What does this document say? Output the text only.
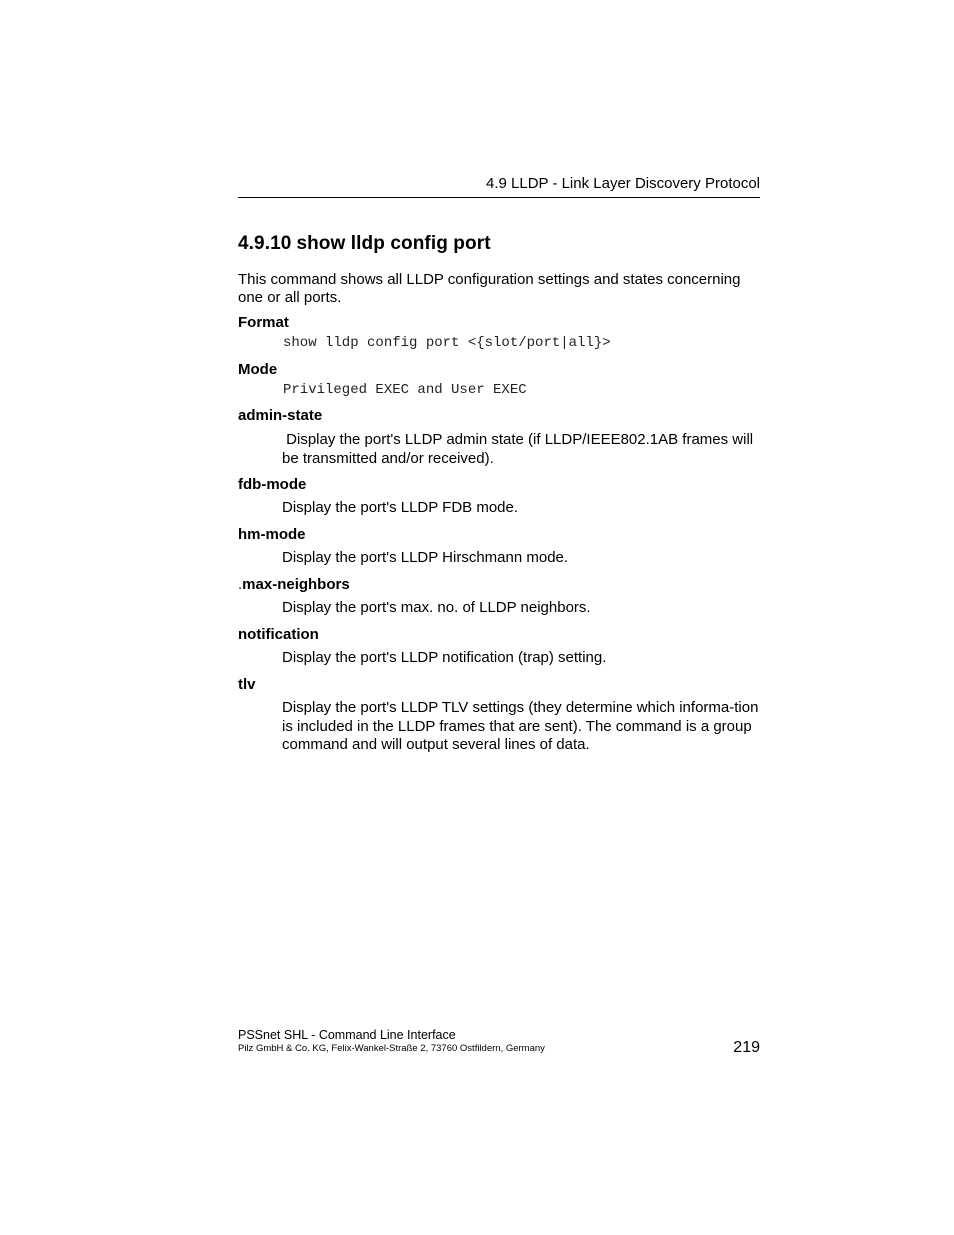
4.9 LLDP - Link Layer Discovery Protocol
4.9.10 show lldp config port
This command shows all LLDP configuration settings and states concerning one or all ports.
Format
show lldp config port <{slot/port|all}>
Mode
Privileged EXEC and User EXEC
admin-state
Display the port's LLDP admin state (if LLDP/IEEE802.1AB frames will be transmitted and/or received).
fdb-mode
Display the port's LLDP FDB mode.
hm-mode
Display the port's LLDP Hirschmann mode.
.max-neighbors
Display the port's max. no. of LLDP neighbors.
notification
Display the port's LLDP notification (trap) setting.
tlv
Display the port's LLDP TLV settings (they determine which informa-tion is included in the LLDP frames that are sent). The command is a group command and will output several lines of data.
PSSnet SHL - Command Line Interface
Pilz GmbH & Co. KG, Felix-Wankel-Straße 2, 73760 Ostfildern, Germany	219
